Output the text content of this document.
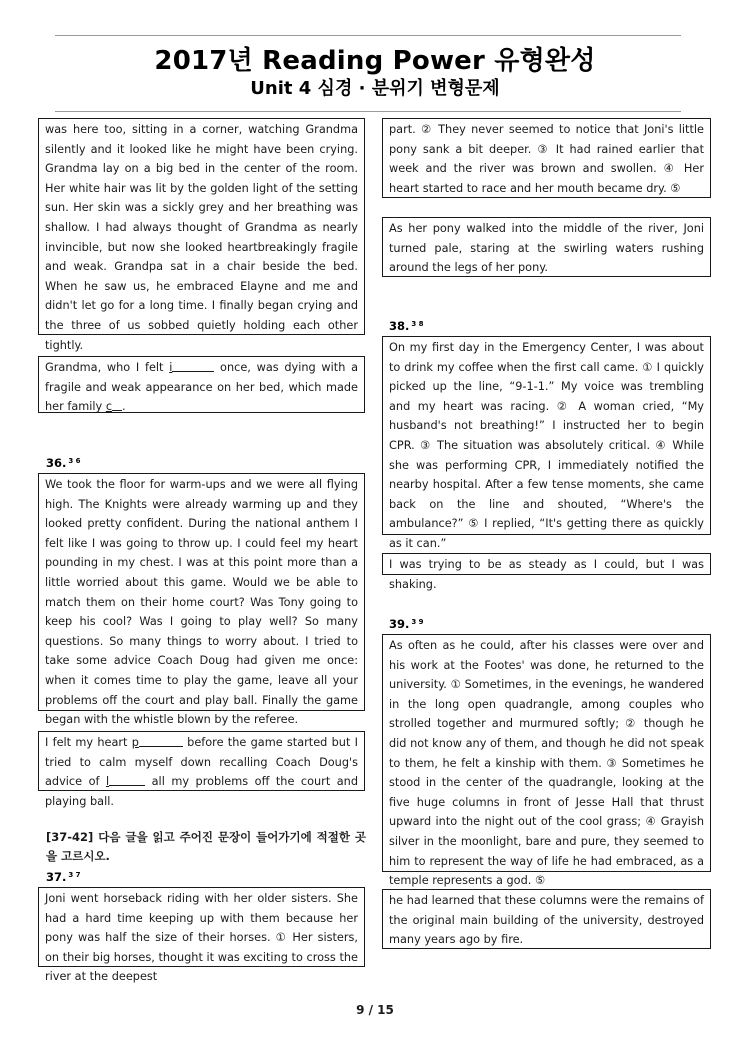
2017년 Reading Power 유형완성
Unit 4 심경 · 분위기 변형문제
was here too, sitting in a corner, watching Grandma silently and it looked like he might have been crying. Grandma lay on a big bed in the center of the room. Her white hair was lit by the golden light of the setting sun. Her skin was a sickly grey and her breathing was shallow. I had always thought of Grandma as nearly invincible, but now she looked heartbreakingly fragile and weak. Grandpa sat in a chair beside the bed. When he saw us, he embraced Elayne and me and didn't let go for a long time. I finally began crying and the three of us sobbed quietly holding each other tightly.
Grandma, who I felt i	once, was dying with a fragile and weak appearance on her bed, which made her family c .
36. $^{3 6}$
We took the floor for warm-ups and we were all flying high. The Knights were already warming up and they looked pretty confident. During the national anthem I felt like I was going to throw up. I could feel my heart pounding in my chest. I was at this point more than a little worried about this game. Would we be able to match them on their home court? Was Tony going to keep his cool? Was I going to play well? So many questions. So many things to worry about. I tried to take some advice Coach Doug had given me once: when it comes time to play the game, leave all your problems off the court and play ball. Finally the game began with the whistle blown by the referee.
I felt my heart p	before the game started but I tried to calm myself down recalling Coach Doug's advice of l	all my problems off the court and playing ball.
[37-42] 다음 글을 읽고 주어진 문장이 들어가기에 적절한 곳을 고르시오.
37. $^{3 7}$
Joni went horseback riding with her older sisters. She had a hard time keeping up with them because her pony was half the size of their horses. ① Her sisters, on their big horses, thought it was exciting to cross the river at the deepest
part. ② They never seemed to notice that Joni's little pony sank a bit deeper. ③ It had rained earlier that week and the river was brown and swollen. ④ Her heart started to race and her mouth became dry. ⑤
As her pony walked into the middle of the river, Joni turned pale, staring at the swirling waters rushing around the legs of her pony.
38. $^{3 8}$
On my first day in the Emergency Center, I was about to drink my coffee when the first call came. ① I quickly picked up the line, “9-1-1.” My voice was trembling and my heart was racing. ② A woman cried, “My husband's not breathing!” I instructed her to begin CPR. ③ The situation was absolutely critical. ④ While she was performing CPR, I immediately notified the nearby hospital. After a few tense moments, she came back on the line and shouted, “Where's the ambulance?” ⑤ I replied, “It's getting there as quickly as it can.”
I was trying to be as steady as I could, but I was shaking.
39. $^{3 9}$
As often as he could, after his classes were over and his work at the Footes' was done, he returned to the university. ① Sometimes, in the evenings, he wandered in the long open quadrangle, among couples who strolled together and murmured softly; ② though he did not know any of them, and though he did not speak to them, he felt a kinship with them. ③ Sometimes he stood in the center of the quadrangle, looking at the five huge columns in front of Jesse Hall that thrust upward into the night out of the cool grass; ④ Grayish silver in the moonlight, bare and pure, they seemed to him to represent the way of life he had embraced, as a temple represents a god. ⑤
he had learned that these columns were the remains of the original main building of the university, destroyed many years ago by fire.
9 / 15
